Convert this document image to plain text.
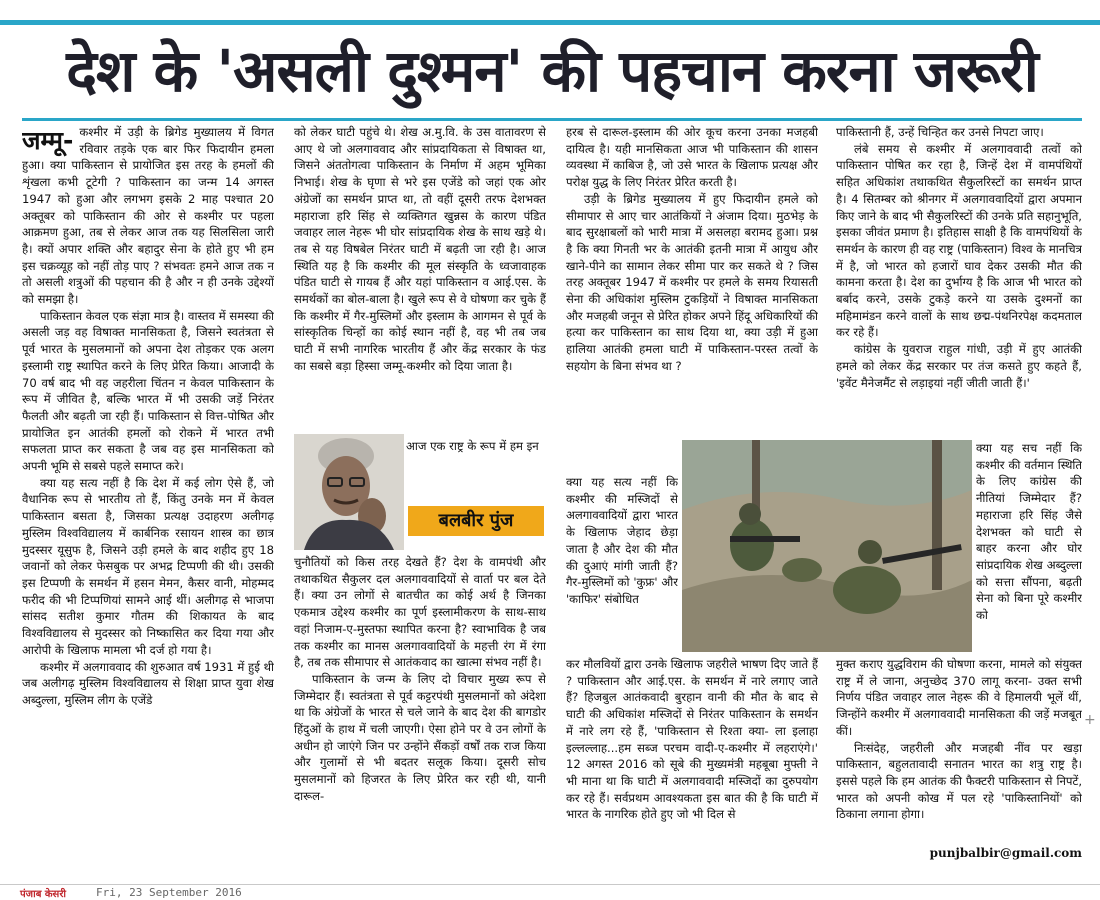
देश के 'असली दुश्मन' की पहचान करना जरूरी

जम्मू- कश्मीर में उड़ी के ब्रिगेड मुख्यालय में विगत रविवार तड़के एक बार फिर फिदायीन हमला हुआ। क्या पाकिस्तान से प्रायोजित इस तरह के हमलों की शृंखला कभी टूटेगी ? पाकिस्तान का जन्म 14 अगस्त 1947 को हुआ और लगभग इसके 2 माह पश्चात 20 अक्तूबर को पाकिस्तान की ओर से कश्मीर पर पहला आक्रमण हुआ, तब से लेकर आज तक यह सिलसिला जारी है। क्यों अपार शक्ति और बहादुर सेना के होते हुए भी हम इस चक्रव्यूह को नहीं तोड़ पाए ? संभवतः हमने आज तक न तो असली शत्रुओं की पहचान की है और न ही उनके उद्देश्यों को समझा है।

पाकिस्तान केवल एक संज्ञा मात्र है। वास्तव में समस्या की असली जड़ वह विषाक्त मानसिकता है, जिसने स्वतंत्रता से पूर्व भारत के मुसलमानों को अपना देश तोड़कर एक अलग इस्लामी राष्ट्र स्थापित करने के लिए प्रेरित किया। आजादी के 70 वर्ष बाद भी वह जहरीला चिंतन न केवल पाकिस्तान के रूप में जीवित है, बल्कि भारत में भी उसकी जड़ें निरंतर फैलती और बढ़ती जा रही हैं। पाकिस्तान से वित्त-पोषित और प्रायोजित इन आतंकी हमलों को रोकने में भारत तभी सफलता प्राप्त कर सकता है जब वह इस मानसिकता को अपनी भूमि से सबसे पहले समाप्त करे।

क्या यह सत्य नहीं है कि देश में कई लोग ऐसे हैं, जो वैधानिक रूप से भारतीय तो हैं, किंतु उनके मन में केवल पाकिस्तान बसता है, जिसका प्रत्यक्ष उदाहरण अलीगढ़ मुस्लिम विश्वविद्यालय में कार्बनिक रसायन शास्त्र का छात्र मुदस्सर यूसुफ है, जिसने उड़ी हमले के बाद शहीद हुए 18 जवानों को लेकर फेसबुक पर अभद्र टिप्पणी की थी। उसकी इस टिप्पणी के समर्थन में हसन मेमन, कैसर वानी, मोहम्मद फरीद की भी टिप्पणियां सामने आई थीं। अलीगढ़ से भाजपा सांसद सतीश कुमार गौतम की शिकायत के बाद विश्वविद्यालय से मुदस्सर को निष्कासित कर दिया गया और आरोपी के खिलाफ मामला भी दर्ज हो गया है।

कश्मीर में अलगाववाद की शुरुआत वर्ष 1931 में हुई थी जब अलीगढ़ मुस्लिम विश्वविद्यालय से शिक्षा प्राप्त युवा शेख अब्दुल्ला, मुस्लिम लीग के एजेंडे

को लेकर घाटी पहुंचे थे। शेख अ.मु.वि. के उस वातावरण से आए थे जो अलगाववाद और सांप्रदायिकता से विषाक्त था, जिसने अंततोगत्वा पाकिस्तान के निर्माण में अहम भूमिका निभाई। शेख के घृणा से भरे इस एजेंडे को जहां एक ओर अंग्रेजों का समर्थन प्राप्त था, तो वहीं दूसरी तरफ देशभक्त महाराजा हरि सिंह से व्यक्तिगत खुन्नस के कारण पंडित जवाहर लाल नेहरू भी घोर सांप्रदायिक शेख के साथ खड़े थे। तब से यह विषबेल निरंतर घाटी में बढ़ती जा रही है। आज स्थिति यह है कि कश्मीर की मूल संस्कृति के ध्वजावाहक पंडित घाटी से गायब हैं और यहां पाकिस्तान व आई.एस. के समर्थकों का बोल-बाला है। खुले रूप से वे घोषणा कर चुके हैं कि कश्मीर में गैर-मुस्लिमों और इस्लाम के आगमन से पूर्व के सांस्कृतिक चिन्हों का कोई स्थान नहीं है, वह भी तब जब घाटी में सभी नागरिक भारतीय हैं और केंद्र सरकार के फंड का सबसे बड़ा हिस्सा जम्मू-कश्मीर को दिया जाता है।

आज एक राष्ट्र के रूप में हम इन
बलबीर पुंज

चुनौतियों को किस तरह देखते हैं? देश के वामपंथी और तथाकथित सैकुलर दल अलगाववादियों से वार्ता पर बल देते हैं। क्या उन लोगों से बातचीत का कोई अर्थ है जिनका एकमात्र उद्देश्य कश्मीर का पूर्ण इस्लामीकरण के साथ-साथ वहां निजाम-ए-मुस्तफा स्थापित करना है? स्वाभाविक है जब तक कश्मीर का मानस अलगाववादियों के महत्ती रंग में रंगा है, तब तक सीमापार से आतंकवाद का खात्मा संभव नहीं है।

पाकिस्तान के जन्म के लिए दो विचार मुख्य रूप से जिम्मेदार हैं। स्वतंत्रता से पूर्व कट्टरपंथी मुसलमानों को अंदेशा था कि अंग्रेजों के भारत से चले जाने के बाद देश की बागडोर हिंदुओं के हाथ में चली जाएगी। ऐसा होने पर वे उन लोगों के अधीन हो जाएंगे जिन पर उन्होंने सैंकड़ों वर्षों तक राज किया और गुलामों से भी बदतर सलूक किया। दूसरी सोच मुसलमानों को हिजरत के लिए प्रेरित कर रही थी, यानी दारूल-

हरब से दारूल-इस्लाम की ओर कूच करना उनका मजहबी दायित्व है। यही मानसिकता आज भी पाकिस्तान की शासन व्यवस्था में काबिज है, जो उसे भारत के खिलाफ प्रत्यक्ष और परोक्ष युद्ध के लिए निरंतर प्रेरित करती है।

उड़ी के ब्रिगेड मुख्यालय में हुए फिदायीन हमले को सीमापार से आए चार आतंकियों ने अंजाम दिया। मुठभेड़ के बाद सुरक्षाबलों को भारी मात्रा में असलहा बरामद हुआ। प्रश्न है कि क्या गिनती भर के आतंकी इतनी मात्रा में आयुध और खाने-पीने का सामान लेकर सीमा पार कर सकते थे ? जिस तरह अक्तूबर 1947 में कश्मीर पर हमले के समय रियासती सेना की अधिकांश मुस्लिम टुकड़ियों ने विषाक्त मानसिकता और मजहबी जनून से प्रेरित होकर अपने हिंदू अधिकारियों की हत्या कर पाकिस्तान का साथ दिया था, क्या उड़ी में हुआ हालिया आतंकी हमला घाटी में पाकिस्तान-परस्त तत्वों के सहयोग के बिना संभव था ?

क्या यह सत्य नहीं कि कश्मीर की मस्जिदों से अलगाववादियों द्वारा भारत के खिलाफ जेहाद छेड़ा जाता है और देश की मौत की दुआएं मांगी जाती हैं? गैर-मुस्लिमों को 'कुफ्र' और 'काफिर' संबोधित

कर मौलवियों द्वारा उनके खिलाफ जहरीले भाषण दिए जाते हैं ? पाकिस्तान और आई.एस. के समर्थन में नारे लगाए जाते हैं? हिजबुल आतंकवादी बुरहान वानी की मौत के बाद से घाटी की अधिकांश मस्जिदों से निरंतर पाकिस्तान के समर्थन में नारे लग रहे हैं, 'पाकिस्तान से रिश्ता क्या- ला इलाहा इल्लल्लाह...हम सब्ज परचम वादी-ए-कश्मीर में लहराएंगे।' 12 अगस्त 2016 को सूबे की मुख्यमंत्री महबूबा मुफ्ती ने भी माना था कि घाटी में अलगाववादी मस्जिदों का दुरुपयोग कर रहे हैं। सर्वप्रथम आवश्यकता इस बात की है कि घाटी में भारत के नागरिक होते हुए जो भी दिल से

पाकिस्तानी हैं, उन्हें चिन्हित कर उनसे निपटा जाए।

लंबे समय से कश्मीर में अलगाववादी तत्वों को पाकिस्तान पोषित कर रहा है, जिन्हें देश में वामपंथियों सहित अधिकांश तथाकथित सैकुलरिस्टों का समर्थन प्राप्त है। 4 सितम्बर को श्रीनगर में अलगाववादियों द्वारा अपमान किए जाने के बाद भी सैकुलरिस्टों की उनके प्रति सहानुभूति, इसका जीवंत प्रमाण है। इतिहास साक्षी है कि वामपंथियों के समर्थन के कारण ही वह राष्ट्र (पाकिस्तान) विश्व के मानचित्र में है, जो भारत को हजारों घाव देकर उसकी मौत की कामना करता है। देश का दुर्भाग्य है कि आज भी भारत को बर्बाद करने, उसके टुकड़े करने या उसके दुश्मनों का महिमामंडन करने वालों के साथ छद्म-पंथनिरपेक्ष कदमताल कर रहे हैं।

कांग्रेस के युवराज राहुल गांधी, उड़ी में हुए आतंकी हमले को लेकर केंद्र सरकार पर तंज कसते हुए कहते हैं, 'इवेंट मैनेजमैंट से लड़ाइयां नहीं जीती जाती हैं।'

क्या यह सच नहीं कि कश्मीर की वर्तमान स्थिति के लिए कांग्रेस की नीतियां जिम्मेदार हैं? महाराजा हरि सिंह जैसे देशभक्त को घाटी से बाहर करना और घोर सांप्रदायिक शेख अब्दुल्ला को सत्ता सौंपना, बढ़ती सेना को बिना पूरे कश्मीर को

मुक्त कराए युद्धविराम की घोषणा करना, मामले को संयुक्त राष्ट्र में ले जाना, अनुच्छेद 370 लागू करना- उक्त सभी निर्णय पंडित जवाहर लाल नेहरू की वे हिमालयी भूलें थीं, जिन्होंने कश्मीर में अलगाववादी मानसिकता की जड़ें मजबूत कीं।

निःसंदेह, जहरीली और मजहबी नींव पर खड़ा पाकिस्तान, बहुलतावादी सनातन भारत का शत्रु राष्ट्र है। इससे पहले कि हम आतंक की फैक्टरी पाकिस्तान से निपटें, भारत को अपनी कोख में पल रहे 'पाकिस्तानियों' को ठिकाना लगाना होगा।

punjbalbir@gmail.com
+
पंजाब केसरी	Fri, 23 September 2016
